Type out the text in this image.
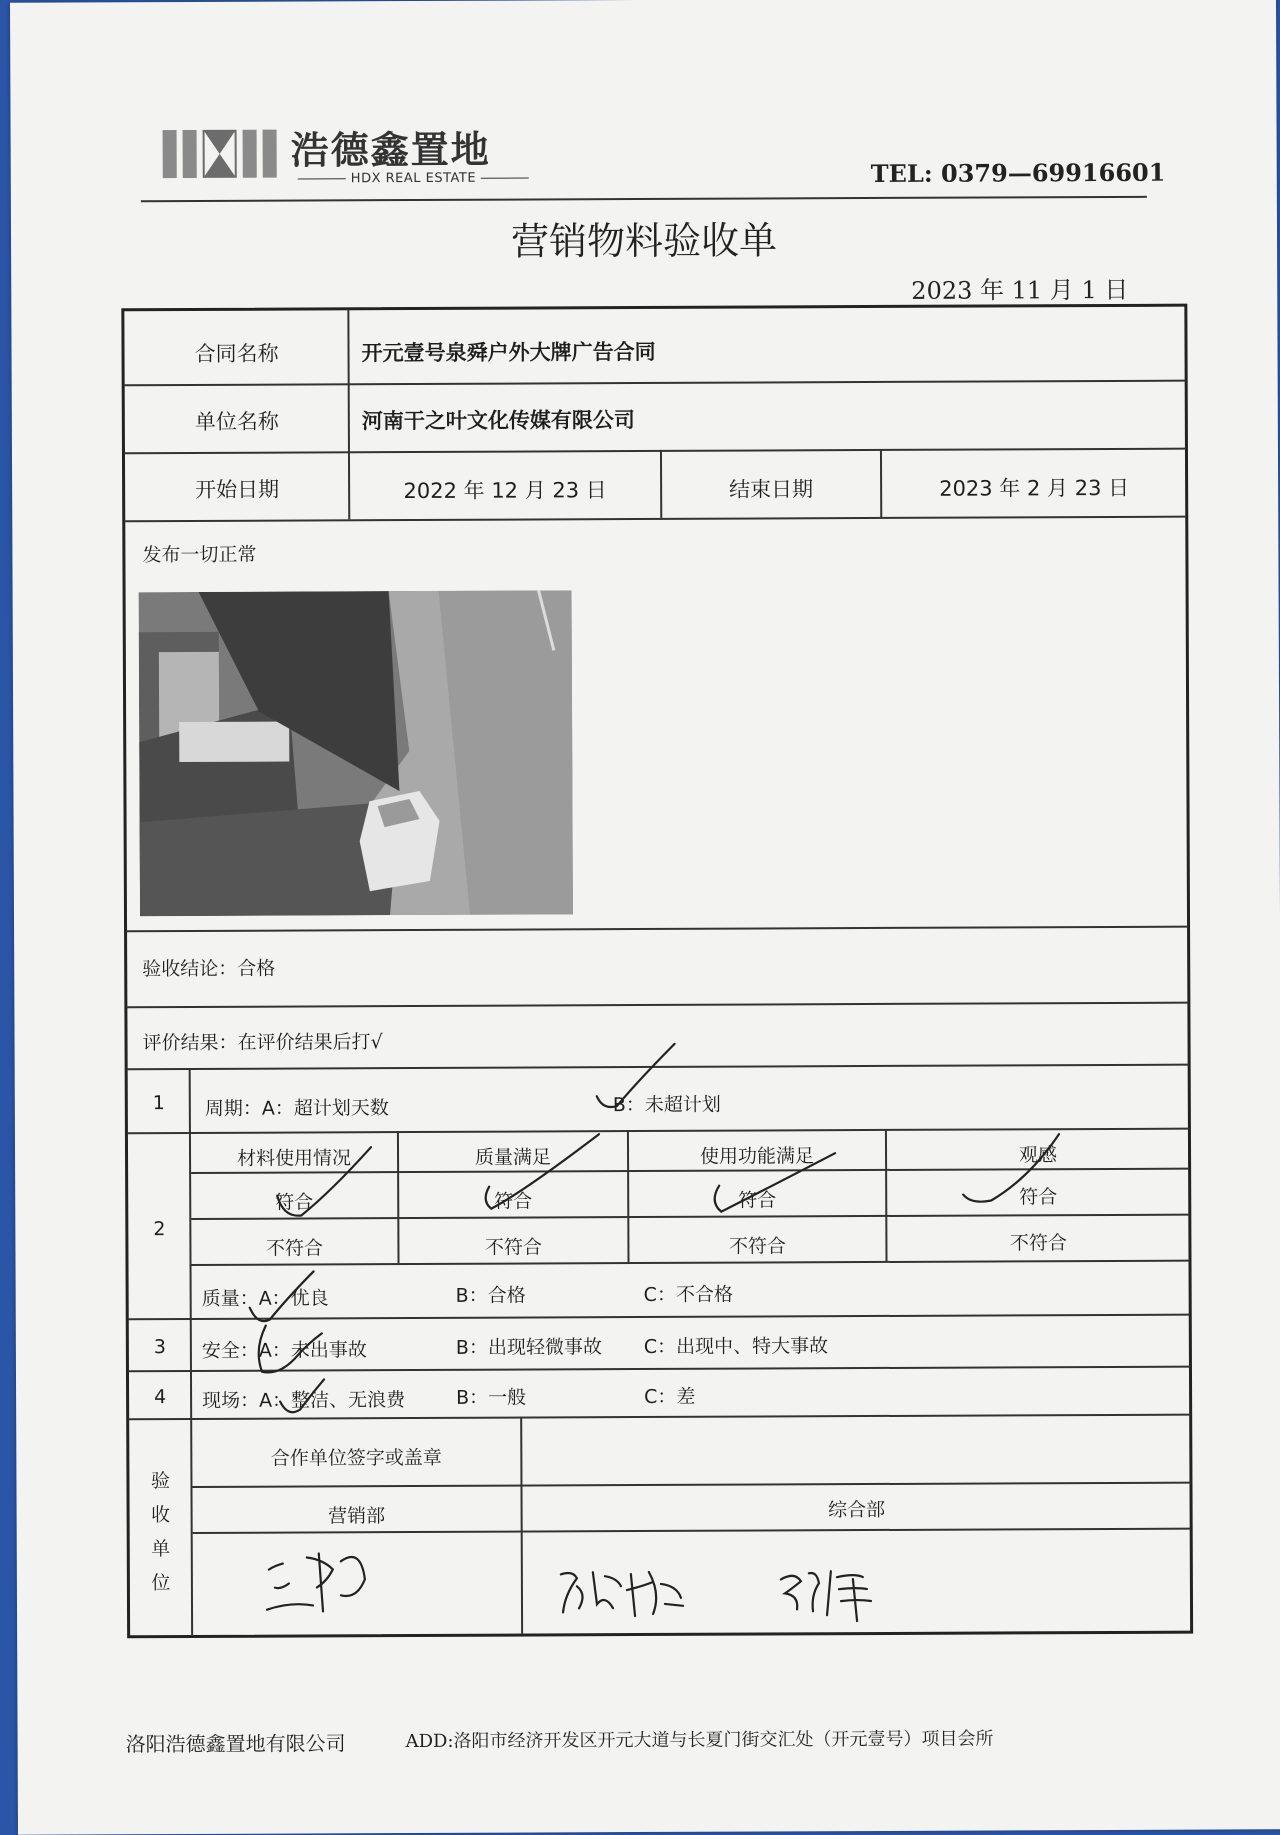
浩德鑫置地
HDX REAL ESTATE	TEL: 0379—69916601
营销物料验收单
2023 年 11 月 1 日
合同名称	开元壹号泉舜户外大牌广告合同
单位名称	河南干之叶文化传媒有限公司
开始日期	2022 年 12 月 23 日	结束日期	2023 年 2 月 23 日
发布一切正常
验收结论：合格
评价结果：在评价结果后打√
1	周期：A：超计划天数	B：未超计划
2
材料使用情况	质量满足	使用功能满足	观感
符合	符合	符合	符合
不符合	不符合	不符合	不符合
质量：A：优良	B：合格	C：不合格
3	安全：A：未出事故	B：出现轻微事故 C：出现中、特大事故
4	现场：A：整洁、无浪费	B：一般	C：差
验
收
单
位
合作单位签字或盖章
营销部	综合部
洛阳浩德鑫置地有限公司	ADD:洛阳市经济开发区开元大道与长夏门街交汇处（开元壹号）项目会所
